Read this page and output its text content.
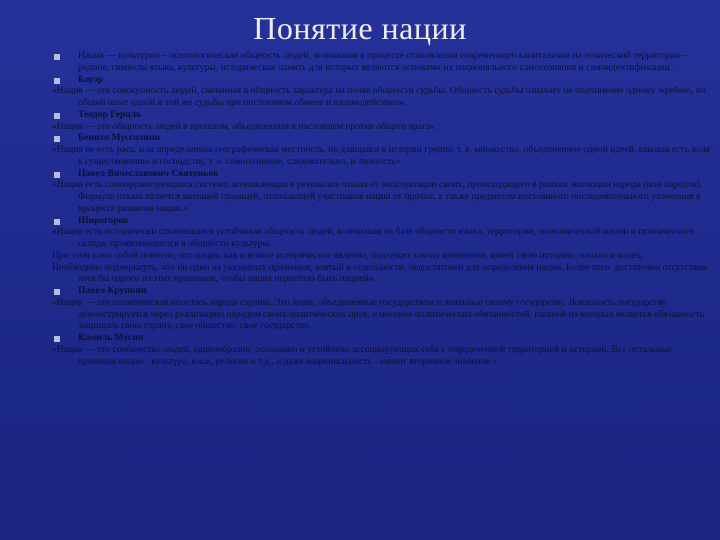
Понятие нации

Нация — культурно – психологическая общность людей, возникшая в процессе становления современного капитализма на этнической территории – родине, символы языка, культуры, историческая память для которых являются основами их национального самосознания и самоидентификации..

Бауэр

«Нация — это совокупность людей, связанная в общность характера на почве общности судьбы. Общность судьбы означает не подчинение одному жребию, но общий опыт одной и той же судьбы при постоянном обмене и взаимодействии».

Теодор Герцль

«Нация — это общность людей в прошлом, объединенная в настоящем против общего врага».

Бенито Муссолини

«Нация не есть раса, или определенная географическая местность, но длящаяся в истории группа, т. е. множество, объединенное одной идеей, каковая есть воля к существованию и господству, т. е. самосознание, следовательно, и личность».

Павел Вячеславович Святенков

«Нация есть самоорганизующаяся система, возникающая в результате отказа от эксплуатации своих, происходящего в рамках эволюции народа (или народов). Формула отказа является внешней границей, отличающей участников нации от прочих, а также предметом постоянного последовательного уточнения в процессе развития нации.»

Широгоров

«Нация есть исторически сложившаяся устойчивая общность людей, возникшая на базе общности языка, территории, экономической жизни и психического склада, проявляющегося в общности культуры.

При этом само собой понятно, что нация, как и всякое историческое явление, подлежит закону изменения, имеет свою историю, начало и конец.

Необходимо подчеркнуть, что ни один из указанных признаков, взятый в отдельности, недостаточен для определения нации. Более того: достаточно отсутствия хотя бы одного из этих признаков, чтобы нация перестала быть нацией».

Павел Крупкин

«Нация — это политическая ипостась народа страны. Это люди, объединенные государством и лояльные своему государству. Лояльность государству демонстрируется через реализацию народом своих политических прав, и несение политических обязанностей, главной из которых является обязанность защищать свою страну, свое общество, свое государство.

Камиль Мусин

«Нация — это сообщество людей, единообразно, осознанно и устойчиво ассоциирующих себя с определенной территорией и историей. Все остальные признаки нации - культура, язык, религия и т.д., и даже национальность - имеют вторичное значение.»
